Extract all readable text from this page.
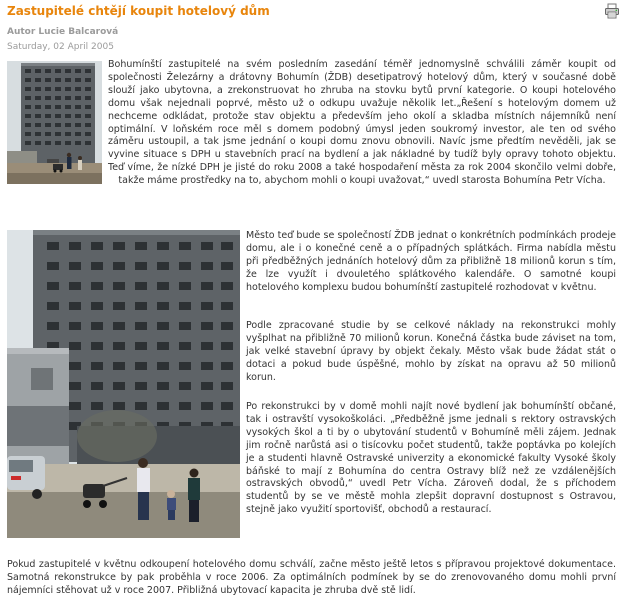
Zastupitelé chtějí koupit hotelový dům
Autor Lucie Balcarová
Saturday, 02 April 2005

Bohumínští zastupitelé na svém posledním zasedání téměř jednomyslně schválili záměr koupit od společnosti Železárny a drátovny Bohumín (ŽDB) desetipatrový hotelový dům, který v současné době slouží jako ubytovna, a zrekonstruovat ho zhruba na stovku bytů první kategorie. O koupi hotelového domu však nejednali poprvé, město už o odkupu uvažuje několik let.„Řešení s hotelovým domem už nechceme odkládat, protože stav objektu a především jeho okolí a skladba místních nájemníků není optimální. V loňském roce měl s domem podobný úmysl jeden soukromý investor, ale ten od svého záměru ustoupil, a tak jsme jednání o koupi domu znovu obnovili. Navíc jsme předtím nevěděli, jak se vyvine situace s DPH u stavebních prací na bydlení a jak nákladné by tudíž byly opravy tohoto objektu. Teď víme, že nízké DPH je jisté do roku 2008 a také hospodaření města za rok 2004 skončilo velmi dobře, takže máme prostředky na to, abychom mohli o koupi uvažovat,“ uvedl starosta Bohumína Petr Vícha.

Město teď bude se společností ŽDB jednat o konkrétních podmínkách prodeje domu, ale i o konečné ceně a o případných splátkách. Firma nabídla městu při předběžných jednáních hotelový dům za přibližně 18 milionů korun s tím, že lze využít i dvouletého splátkového kalendáře. O samotné koupi hotelového komplexu budou bohumínští zastupitelé rozhodovat v květnu.

Podle zpracované studie by se celkové náklady na rekonstrukci mohly vyšplhat na přibližně 70 milionů korun. Konečná částka bude záviset na tom, jak velké stavební úpravy by objekt čekaly. Město však bude žádat stát o dotaci a pokud bude úspěšné, mohlo by získat na opravu až 50 milionů korun.

Po rekonstrukci by v domě mohli najít nové bydlení jak bohumínští občané, tak i ostravští vysokoškoláci. „Předběžně jsme jednali s rektory ostravských vysokých škol a ti by o ubytování studentů v Bohumíně měli zájem. Jednak jim ročně narůstá asi o tisícovku počet studentů, takže poptávka po kolejích je a studenti hlavně Ostravské univerzity a ekonomické fakulty Vysoké školy báňské to mají z Bohumína do centra Ostravy blíž než ze vzdálenějších ostravských obvodů,“ uvedl Petr Vícha. Zároveň dodal, že s příchodem studentů by se ve městě mohla zlepšit dopravní dostupnost s Ostravou, stejně jako využití sportovišť, obchodů a restaurací.

Pokud zastupitelé v květnu odkoupení hotelového domu schválí, začne město ještě letos s přípravou projektové dokumentace. Samotná rekonstrukce by pak proběhla v roce 2006. Za optimálních podmínek by se do zrenovovaného domu mohli první nájemníci stěhovat už v roce 2007. Přibližná ubytovací kapacita je zhruba dvě stě lidí.
